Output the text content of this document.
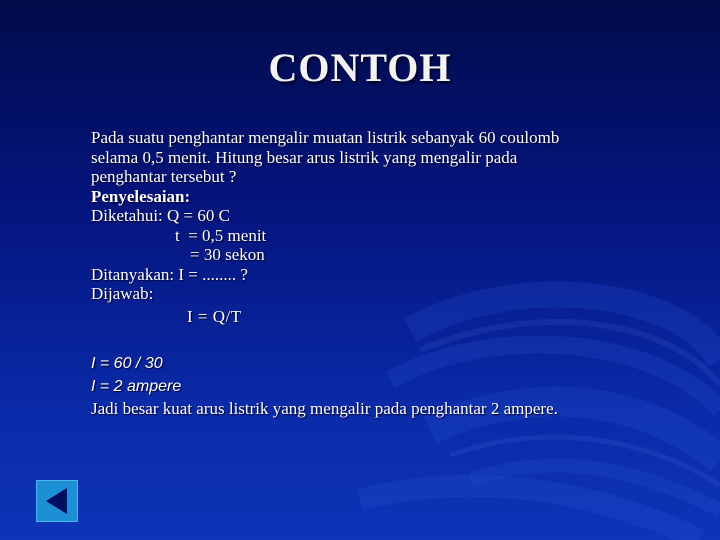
CONTOH
Pada suatu penghantar mengalir muatan listrik sebanyak 60 coulomb
selama 0,5 menit. Hitung besar arus listrik yang mengalir pada
penghantar tersebut ?
Penyelesaian:
Diketahui: Q = 60 C
t  = 0,5 menit
= 30 sekon
Ditanyakan: I = ........ ?
Dijawab:
I = Q/T
I = 60 / 30
I = 2 ampere
Jadi besar kuat arus listrik yang mengalir pada penghantar 2 ampere.
